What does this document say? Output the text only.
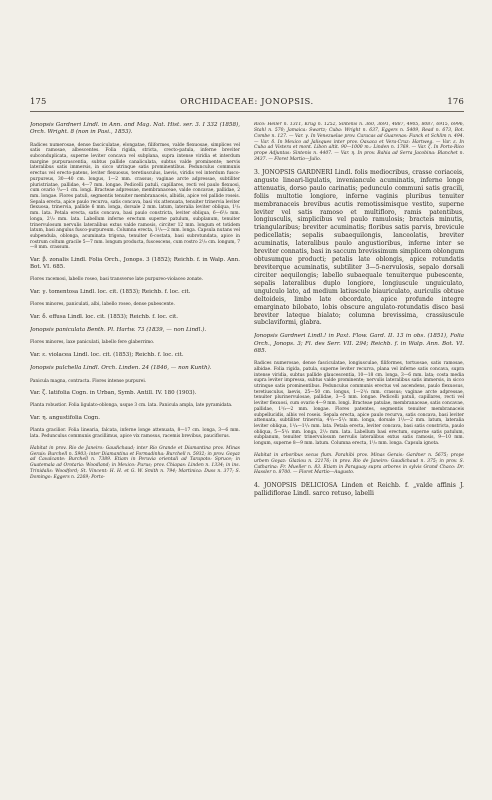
175	ORCHIDACEAE: JONOPSIS.	176

Jonopsis Gardneri Lindl. in Ann. and Mag. Nat. Hist. ser. 3. I 332 (1858), Orch. Wright. 8 (non in Pasi., 1853).

Radices numerosae, dense fasciculatae, elongatae, filiformes, valde flexuosae, simplices vel satis ramosae, albescentes. Folia rigida, stricta, crecto-patula, inferne breviter subconduplicata, superne leviter concava vel subplana, supra intense viridia et interdum margine purpurascentia, subtus pallide canaliculata, subtus valde prominente; nervis lateralibus satis immersis, in sicco utrinque satis prominentibus. Pedunculus communis erectus vel erecto-patens, leviter flexuosus, teretiusculus, laevis, viridis vel interdum fusco-purpureus, 30—40 cm. longus, 1—2 mm. crassus; vaginae arcte adpressae, subtiliter pluristriatae, pallidae, 4—7 mm. longae. Pedicelli patuli, capillares, recti vel paulo flexuosi, cum ovario ³/₄—1 cm. longi. Bracteae adpressae, membranaceae, valde concavae, pallidae, 2 mm. longae. Flores patuli, segmentis tenuiter membranaceis, albidis, apice vel pallide roseis. Sepala erecta, apice paulo recurva, satis concava, basi vix attenuata, tenuiter trinervia leviter flexuosa, trinervia, pallide 6 mm. longa, dorsale 2 mm. latum, lateralia leviter obliqua, 1¹/₂ mm. lata. Petala erecta, satis concava, basi paulo constricta, leviter obliqua, 6—6¹/₂ mm. longa, 2¹/₂ mm. lata. Labellum inferne erectum superne patulum, subplanum, tenuiter trinervulosum nervulis lateralibus extus valde ramosis, circiter 12 mm. longum et totidem latum, basi angulus fusco-purpureum. Columna erecta, 1¹/₂—2 mm. longa. Capsula nutans vel subpendula, oblonga, acuminata trigona, tenuiter 6-costata, basi subrotundata, apice in rostrum coltum gracile 5—7 mm. longum producta, fuscescens, cum rostro 2¹/₂ cm. longum, 7—8 mm. crassum.

Var. β. zonalis Lindl. Folia Orch., Jonops. 3 (1852); Reichb. f. in Walp. Ann. Bot. VI. 685.

Flores racemosi, labello roseo, basi transverse late purpureo-violaceo zonate.

Var. γ. tomentosa Lindl. loc. cit. (1853); Reichb. f. loc. cit.

Flores minores, paniculati, albi, labello roseo, dense pubescente.

Var. δ. effusa Lindl. loc. cit. (1853); Reichb. f. loc. cit.

Jonopsis paniculata Benth. Pl. Hartw. 73 (1839, — non Lindl.).

Flores minores, laxe paniculati, labello fere glaberrimo.

Var. ε. violacea Lindl. loc. cit. (1853); Reichb. f. loc. cit.

Jonopsis pulchella Lindl. Orch. Linden. 24 (1846, — non Kunth).

Panicula magna, contracta. Flores intense purpurei.

Var. ζ. latifolia Cogn. in Urban, Symb. Antill. IV. 180 (1903).

Planta robustior. Folia ligulato-oblonga, usque 3 cm. lata. Panicula ampla, late pyramidata.

Var. η. angustifolia Cogn.

Planta gracilior. Folia linearia, falcata, inferne longe attenuata, 8—17 cm. longa, 3—6 mm. lata. Pedunculus communis gracillimus, apice vix ramosus, racemis brevibus, pauciflorus.

Habitat in prov. Rio de Janeiro: Gaudichaud; inter Rio Grande et Diamantina prov. Minas Gerais: Burchell n. 5903; inter Diamantina et Formadinha: Burchell n. 5932; in prov. Goyaz ad Cavalcante: Burchell n. 7389. Etiam in Peruvia orientali ad Tarapoto: Spruce; in Guatemala ad Orotaria: Woodland; in Mexico: Purus; prov. Chiapas: Linden n. 1334; in ins. Trinidalis: Woodford; St. Vincent: H. H. et G. W. Smith n. 794; Martinica: Duss n. 377; S. Domingo: Eggers n. 2269; Porto-

Rico: Heller n. 1311, Krug n. 1252, Sintenis n. 360, 3691, 4887, 4905, 8087, 6915, 6996, Stahl n. 570; Jamaica: Swartz; Cuba: Wright n. 637, Eggers n. 5409, Read n. 673, Bot. Combe n. 127. — Var. γ. In Venezuelae prov. Caracas ad Guarenas: Funck et Schlim n. 494. — Var. δ. In Mexico ad Jalisques inter prov. Oaxaca et Vera-Cruz: Hartweg. — Var. ε. In Cuba ad Vistera et mont. Libon altit. 90—1000 m.: Linden n. 1769. — Var. ζ. In Porto-Rico prope Adjuntas: Sintenis n. 4407. — Var. η. In prov. Bahia ad Serra Jacobina: Blanchet n. 3437. — Floret Martio—Julio.

3. JONOPSIS GARDNERI Lindl. folis mediocribus, crasse coriaceis, anguste lineari-ligulatis, inveniancule acuminatis, inferne longe attenuatis, dorso paulo carinatis; pedunculo communi satis gracili, foliis multotie longiore, inferne vaginis pluribus tenuiter membranaceis brevibus acutis remotissimisque vestito, superne leviter vel satis ramoso et multifloro, ramis patentibus, longiusculis, simplicibus vel paulo ramulosis; bracteis minutis, triangularibus; breviter acuminatis; floribus satis parvis, brevicule pedicellatis; sepalis subaequilongis, lanceolatis, breviter acuminatis, lateralibus paulo angustioribus, inferne inter se breviter connatis, basi in saccum brevissimum simplicem oblongum obtusumque producti; petalis late oblongis, apice rotundatis breviterque acuminatis, subtiliter 3—5-nervulosis, sepalo dorsali circiter aequilongis; labello subaequale tenuiterque pubescente, sepalis lateralibus duplo longiore, longiuscule unguiculato, ungulculo lato, ad medium latiuscule biauriculato, auriculis obtuse deltoideis, limbo late obcordato, apice profunde integre emarginato bilobato, lobis obscure angulato-rotundatis disco basi breviter lateque bialato; columna brevissima, crassiuscule subclaviformi, glabra.

Jonopsis Gardneri Lindl.! in Paxt. Flow. Gard. II. 13 in obs. (1851), Folia Orch., Jonops. 3; Fl. des Serr. VII. 294; Reichb. f. in Walp. Ann. Bot. VI. 685.

Radices numerosae, dense fasciculatae, longiusculae, filiformes, tortuosae, satis ramosae, albidae. Folia rigida, patula, superne leviter recurva, plana vel inferne satis concava, supra intense viridia, subtus pallide glaucescentia, 10—18 cm. longa, 3—6 mm. lata; costa media supra leviter impressa, subtus valde prominente; nervulis lateralibus satis immersis, in sicco utrinque satis prominentibus. Pedunculus communis erectus vel ascendens, paulo flexuosus, teretiusculus, laevis, 25—50 cm. longus, 1—2¹/₂ mm. crassus; vaginae arcte adpressae, tenuiter plurinervulosae, pallidae, 3—5 mm. longae. Pedicelli patuli, capillares, recti vel leviter flexuosi, cum ovario 4—9 mm. longi. Bracteae patulae, membranaceae, satis concavae, pallidae, 1¹/₂—2 mm. longae. Flores patentes, segmentis tenuiter membranaceis subpellucidis, albis vel roseis. Sepala erecta, apice paulo recurva, satis concava, basi leviter attenuata, subtiliter trinervia, 4¹/₂—5¹/₂ mm. longa, dorsale 1¹/₂—2 mm. latum, lateralia leviter obliqua, 1¹/₄—1¹/₂ mm. lata. Petala erecta, leviter concava, basi satis constricta, paulo obliqua, 5—5¹/₂ mm. longa, 2¹/₂ mm. lata. Labellum basi erectum, superne satis patulum, subplanum, tenuiter trinervulosum nervulis lateralibus extus satis ramosis, 9—10 mm. longum, superne 8—9 mm. latum. Columna erecta, 1¹/₂ mm. longa. Capsula ignota.

Habitat in arboribus secus flum. Parahibi prov. Minas Gerais: Gardner n. 5675; prope urbem Goyaz: Glaziou n. 22176; in prov. Rio de Janeiro: Gaudichaud n. 375; in prov. S. Catharina: Fr. Mueller n. 83. Etiam in Paraguay supra arbores in sylvis Grand Chaco: Dr. Hassler n. 8700. — Floret Martio—Augusto.

4. JONOPSIS DELICIOSA Linden et Reichb. f. „valde affinis J. pallidiflorae Lindl. sarco retuso, labelli
